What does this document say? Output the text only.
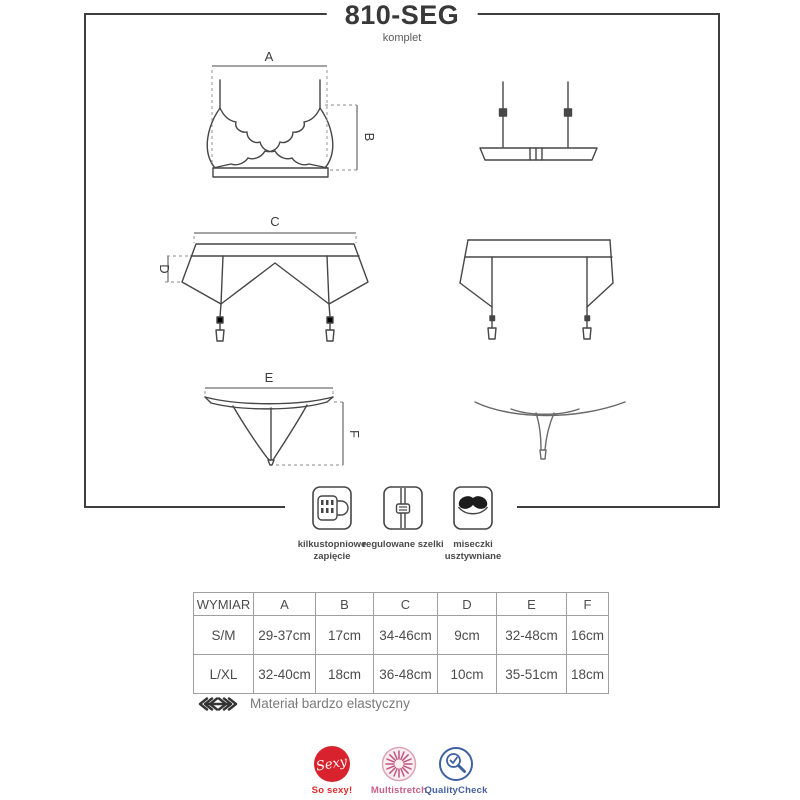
810-SEG
komplet
A
B
C
D
E
F
kilkustopniowe zapięcie
regulowane szelki	miseczki usztywniane
WYMIAR	A	B	C	D	E	F
S/M	29-37cm	17cm	34-46cm	9cm	32-48cm	16cm
L/XL	32-40cm	18cm	36-48cm	10cm	35-51cm	18cm
Materiał bardzo elastyczny
Sexy
So sexy!	Multistretch
QualityCheck
